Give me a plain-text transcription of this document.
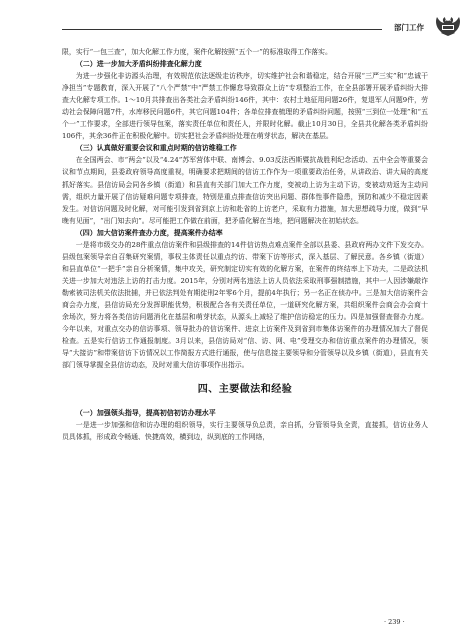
部门工作

限，实行“一包三查”，加大化解工作力度，案件化解按照“五个一”的标准取得工作落实。

（二）进一步加大矛盾纠纷排查化解力度

为进一步强化非访源头治理，有效规范依法逐级走访秩序，切实维护社会和谐稳定，结合开展“三严三实”和“忠诚干净担当”专题教育，深入开展了“八个严禁”中“严禁工作懈怠导致群众上访”专项整治工作，在全县部署开展矛盾纠纷大排查大化解专项工作。1～10月共排查出各类社会矛盾纠纷146件，其中：农村土地征用问题26件，复退军人问题9件，劳动社会保障问题7件，水库移民问题6件，其它问题104件；各单位排查梳理的矛盾纠纷问题，按照“三到位一处理”和“五个一”工作要求，全部进行领导包案，落实责任单位和责任人，并限时化解。截止10月30日，全县共化解各类矛盾纠纷106件，其余36件正在积极化解中。切实把社会矛盾纠纷处理在萌芽状态，解决在基层。

（三）认真做好重要会议和重点时期的信访维稳工作

在全国两会、市“两会”以及“4.24”苏军营体中联、南博会、9.03反法西斯暨抗战胜利纪念活动、五中全会等重要会议和节点期间，县委政府领导高度重视，明确要求把期间的信访工作作为一项重要政治任务，从讲政治、讲大局的高度抓好落实。县信访局会同各乡镇（街道）和县直有关部门加大工作力度，变被动上访为主动下访，变被动劝返为主动问需，组织力量开展了信访疑难问题专项排查，特别是重点排查信访突出问题、群体性事件隐患，预防和减少不稳定因素发生。对信访问题及时化解，对可能引发到省到京上访和赴省的上访老户，采取有力措施，加大思想疏导力度，做到“早晚有见面”，“出门知去向”。尽可能把工作做在前面，把矛盾化解在当地，把问题解决在初始状态。

（四）加大信访案件查办力度，提高案件办结率

一是将市级交办的28件重点信访案件和县级排查的14件信访热点难点案件全部以县委、县政府两办文件下发交办。县级包案领导亲自召集研究案情，事权主体责任以重点约访、带案下访等形式，深入基层、了解民意。各乡镇（街道）和县直单位“一把手”亲自分析案情，集中攻关，研究制定切实有效的化解方案，在案件的终结率上下功夫，二是政法机关进一步加大对违法上访的打击力度。2015年，分别对两名违法上访人员依法采取刑事强制措施，其中一人因涉嫌敲诈勒索被司法机关依法批捕，并已依法判处有期徒刑2年零6个月，提前4年执行；另一名正在侦办中。三是加大信访案件会商会办力度，县信访局充分发挥职能优势，积极配合各有关责任单位，一道研究化解方案，共组织案件会商会办会商十余场次，努力将各类信访问题消化在基层和萌芽状态，从源头上减轻了维护信访稳定的压力。四是加强督查督办力度。今年以来，对重点交办的信访事项、领导批办的信访案件、进京上访案件及到省到市集体访案件的办理情况加大了督促检查。五是实行信访工作通报制度。3月以来，县信访局对“信、访、网、电”受理交办和信访重点案件的办理情况，领导“大接访”和带案信访下访情况以工作简报方式进行通报，使与信息接主要领导和分管领导以及乡镇（街道），县直有关部门领导掌握全县信访动态，及时对重大信访事项作出指示。

四、主要做法和经验

（一）加强领头指导，提高初信初访办理水平

一是进一步加强和信和访办理的组织领导，实行主要领导负总责，亲自抓，分管领导负全责，直接抓，信访业务人员具体抓，形成政令畅通、快捷高效，横到边，纵到底的工作网络，

· 239 ·
